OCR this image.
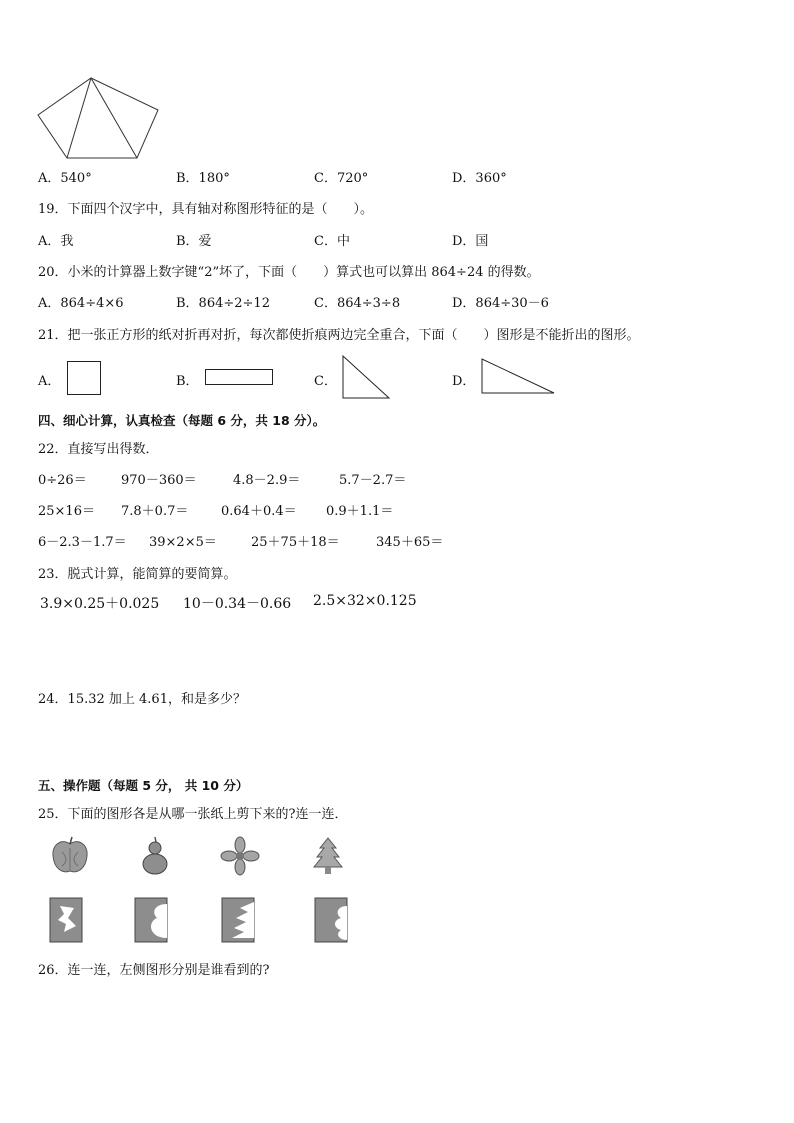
A．540°	B．180°	C．720°	D．360°
19．下面四个汉字中，具有轴对称图形特征的是（　　）。
A．我	B．爱	C．中	D．国
20．小米的计算器上数字键“2”坏了，下面（　　）算式也可以算出 864÷24 的得数。
A．864÷4×6	B．864÷2÷12	C．864÷3÷8	D．864÷30－6
21．把一张正方形的纸对折再对折，每次都使折痕两边完全重合，下面（　　）图形是不能折出的图形。
A．	B．	C．	D．
四、细心计算，认真检查（每题 6 分，共 18 分）。
22．直接写出得数．
0÷26＝	970－360＝	4.8－2.9＝	5.7－2.7＝
25×16＝ 7.8＋0.7＝	0.64＋0.4＝ 0.9＋1.1＝
6－2.3－1.7＝ 39×2×5＝	25＋75＋18＝	345＋65＝
23．脱式计算，能简算的要简算。
3.9×0.25＋0.025 10－0.34－0.66 2.5×32×0.125
24．15.32 加上 4.61，和是多少？
五、操作题（每题 5 分， 共 10 分）
25．下面的图形各是从哪一张纸上剪下来的?连一连．
26．连一连，左侧图形分别是谁看到的?
